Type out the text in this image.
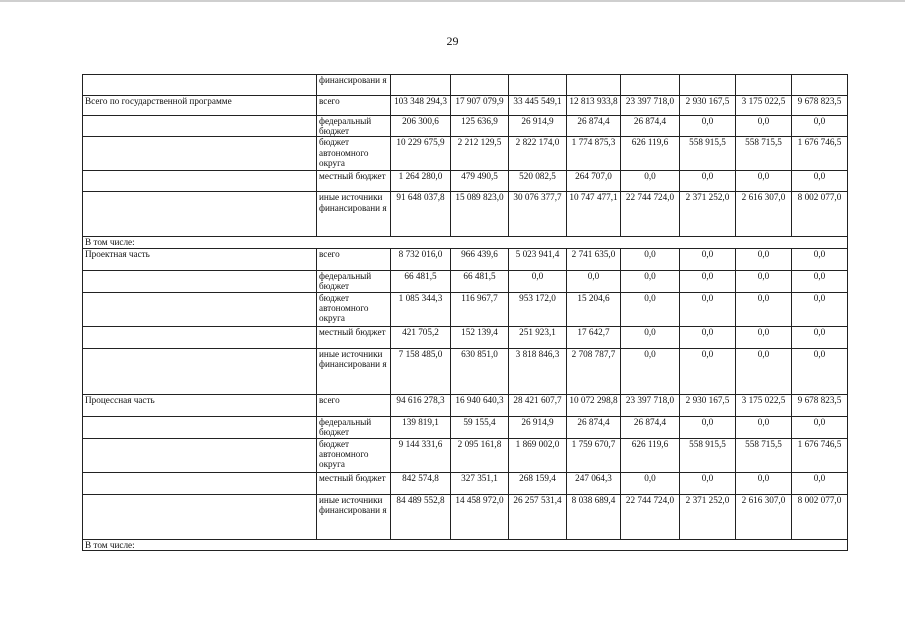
29
	финансировани я								
Всего по государственной программе	всего	103 348 294,3	17 907 079,9	33 445 549,1	12 813 933,8	23 397 718,0	2 930 167,5	3 175 022,5	9 678 823,5
	федеральный бюджет	206 300,6	125 636,9	26 914,9	26 874,4	26 874,4	0,0	0,0	0,0
	бюджет автономного округа	10 229 675,9	2 212 129,5	2 822 174,0	1 774 875,3	626 119,6	558 915,5	558 715,5	1 676 746,5
	местный бюджет	1 264 280,0	479 490,5	520 082,5	264 707,0	0,0	0,0	0,0	0,0
	иные источники финансировани я	91 648 037,8	15 089 823,0	30 076 377,7	10 747 477,1	22 744 724,0	2 371 252,0	2 616 307,0	8 002 077,0
В том числе:									
Проектная часть	всего	8 732 016,0	966 439,6	5 023 941,4	2 741 635,0	0,0	0,0	0,0	0,0
	федеральный бюджет	66 481,5	66 481,5	0,0	0,0	0,0	0,0	0,0	0,0
	бюджет автономного округа	1 085 344,3	116 967,7	953 172,0	15 204,6	0,0	0,0	0,0	0,0
	местный бюджет	421 705,2	152 139,4	251 923,1	17 642,7	0,0	0,0	0,0	0,0
	иные источники финансировани я	7 158 485,0	630 851,0	3 818 846,3	2 708 787,7	0,0	0,0	0,0	0,0
Процессная часть	всего	94 616 278,3	16 940 640,3	28 421 607,7	10 072 298,8	23 397 718,0	2 930 167,5	3 175 022,5	9 678 823,5
	федеральный бюджет	139 819,1	59 155,4	26 914,9	26 874,4	26 874,4	0,0	0,0	0,0
	бюджет автономного округа	9 144 331,6	2 095 161,8	1 869 002,0	1 759 670,7	626 119,6	558 915,5	558 715,5	1 676 746,5
	местный бюджет	842 574,8	327 351,1	268 159,4	247 064,3	0,0	0,0	0,0	0,0
	иные источники финансировани я	84 489 552,8	14 458 972,0	26 257 531,4	8 038 689,4	22 744 724,0	2 371 252,0	2 616 307,0	8 002 077,0
В том числе:									
